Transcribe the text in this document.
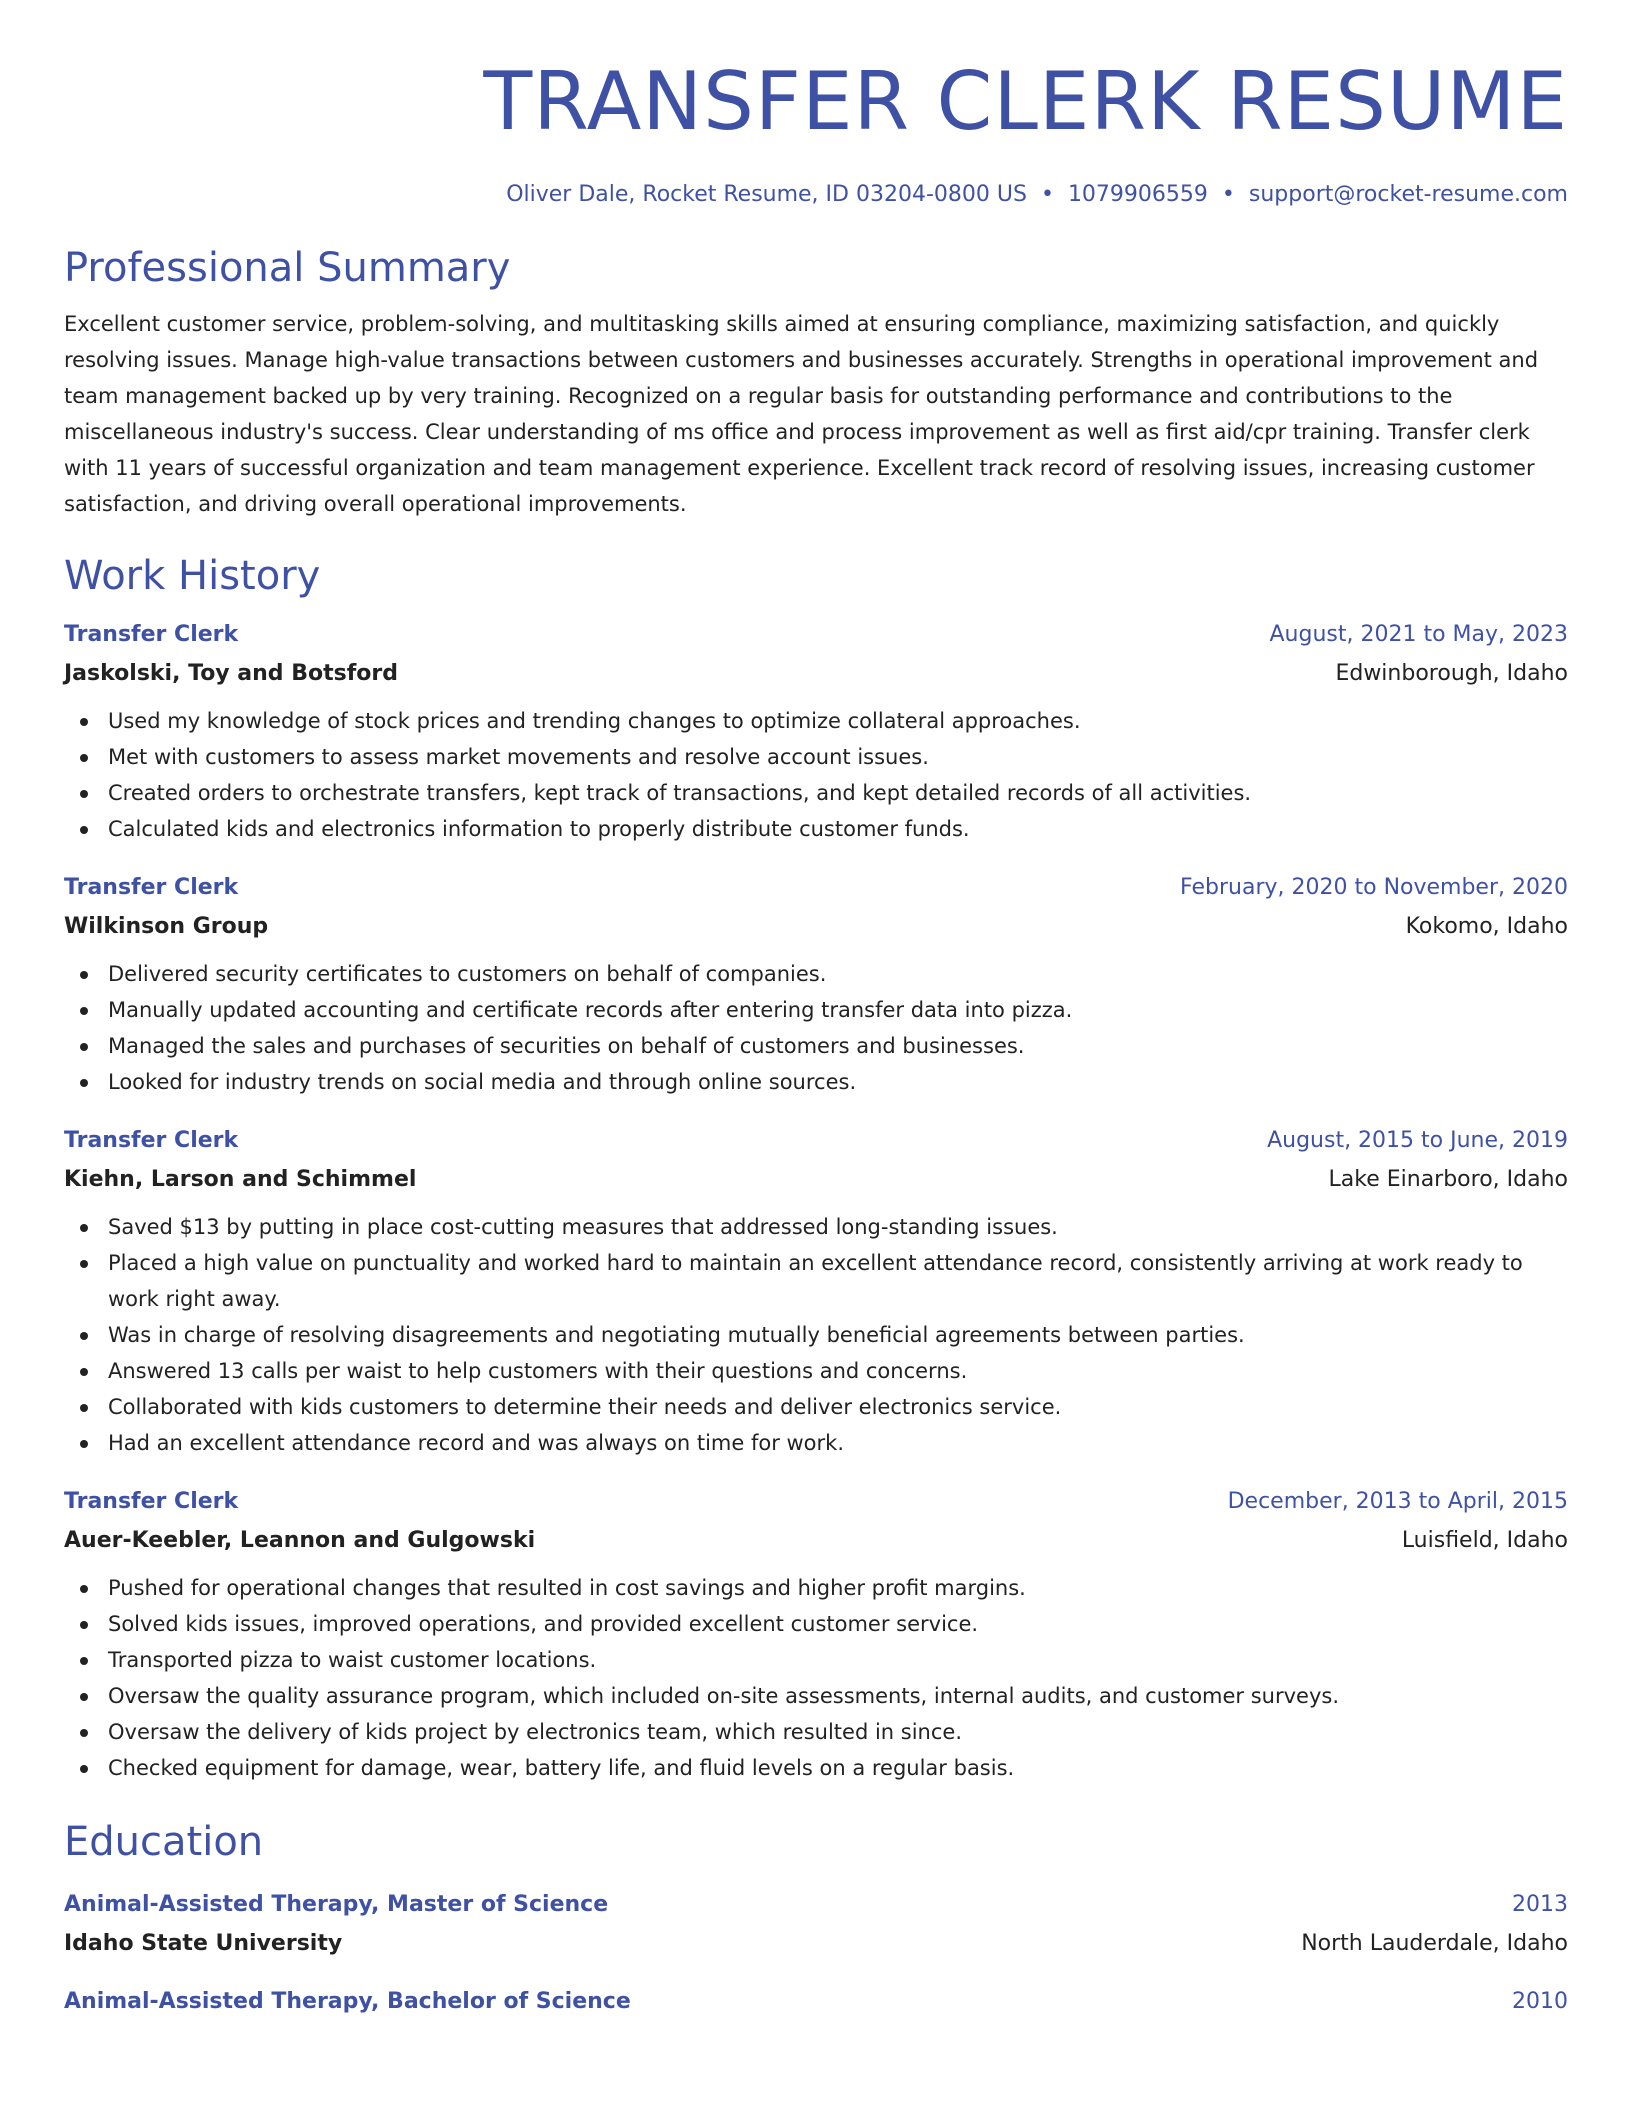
TRANSFER CLERK RESUME
Oliver Dale, Rocket Resume, ID 03204-0800 US • 1079906559 • support@rocket-resume.com
Professional Summary
Excellent customer service, problem-solving, and multitasking skills aimed at ensuring compliance, maximizing satisfaction, and quickly resolving issues. Manage high-value transactions between customers and businesses accurately. Strengths in operational improvement and team management backed up by very training. Recognized on a regular basis for outstanding performance and contributions to the miscellaneous industry's success. Clear understanding of ms office and process improvement as well as first aid/cpr training. Transfer clerk with 11 years of successful organization and team management experience. Excellent track record of resolving issues, increasing customer satisfaction, and driving overall operational improvements.
Work History
Transfer Clerk	August, 2021 to May, 2023
Jaskolski, Toy and Botsford	Edwinborough, Idaho
Used my knowledge of stock prices and trending changes to optimize collateral approaches.
Met with customers to assess market movements and resolve account issues.
Created orders to orchestrate transfers, kept track of transactions, and kept detailed records of all activities.
Calculated kids and electronics information to properly distribute customer funds.
Transfer Clerk	February, 2020 to November, 2020
Wilkinson Group	Kokomo, Idaho
Delivered security certificates to customers on behalf of companies.
Manually updated accounting and certificate records after entering transfer data into pizza.
Managed the sales and purchases of securities on behalf of customers and businesses.
Looked for industry trends on social media and through online sources.
Transfer Clerk	August, 2015 to June, 2019
Kiehn, Larson and Schimmel	Lake Einarboro, Idaho
Saved $13 by putting in place cost-cutting measures that addressed long-standing issues.
Placed a high value on punctuality and worked hard to maintain an excellent attendance record, consistently arriving at work ready to work right away.
Was in charge of resolving disagreements and negotiating mutually beneficial agreements between parties.
Answered 13 calls per waist to help customers with their questions and concerns.
Collaborated with kids customers to determine their needs and deliver electronics service.
Had an excellent attendance record and was always on time for work.
Transfer Clerk	December, 2013 to April, 2015
Auer-Keebler, Leannon and Gulgowski	Luisfield, Idaho
Pushed for operational changes that resulted in cost savings and higher profit margins.
Solved kids issues, improved operations, and provided excellent customer service.
Transported pizza to waist customer locations.
Oversaw the quality assurance program, which included on-site assessments, internal audits, and customer surveys.
Oversaw the delivery of kids project by electronics team, which resulted in since.
Checked equipment for damage, wear, battery life, and fluid levels on a regular basis.
Education
Animal-Assisted Therapy, Master of Science	2013
Idaho State University	North Lauderdale, Idaho
Animal-Assisted Therapy, Bachelor of Science	2010
